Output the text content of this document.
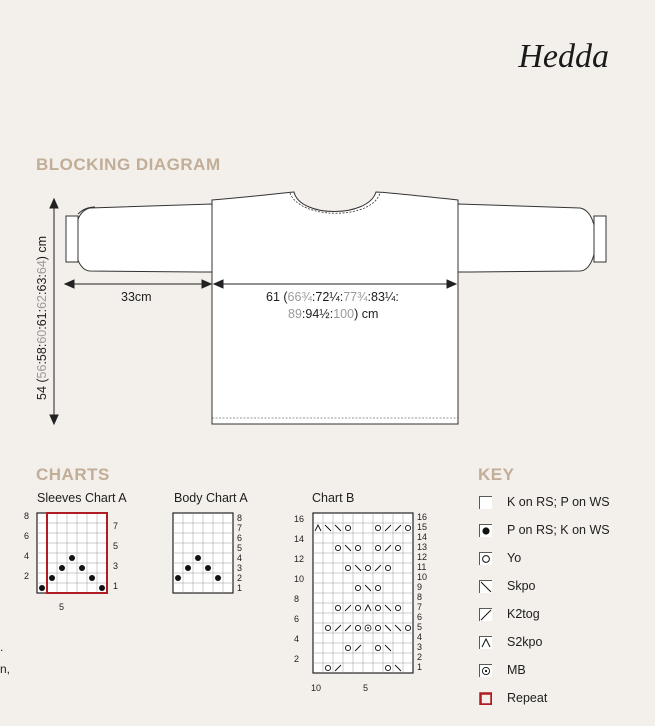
Hedda
BLOCKING DIAGRAM
54 (56:58:60:61:62:63:64) cm
33cm	61 (66¾:72¼:77¾:83¼:
89:94½:100) cm
CHARTS
Sleeves Chart A	Body Chart A	Chart B
8
6
4
2
7
5
3
1
5
8
7
6
5
4
3
2
1
16
14
12
10
8
6
4
2
16
15
14
13
12
11
10
9
8
7
6
5
4
3
2
1
10	5
KEY
K on RS; P on WS
P on RS; K on WS
Yo
Skpo
K2tog
S2kpo
MB
Repeat
.
n,
